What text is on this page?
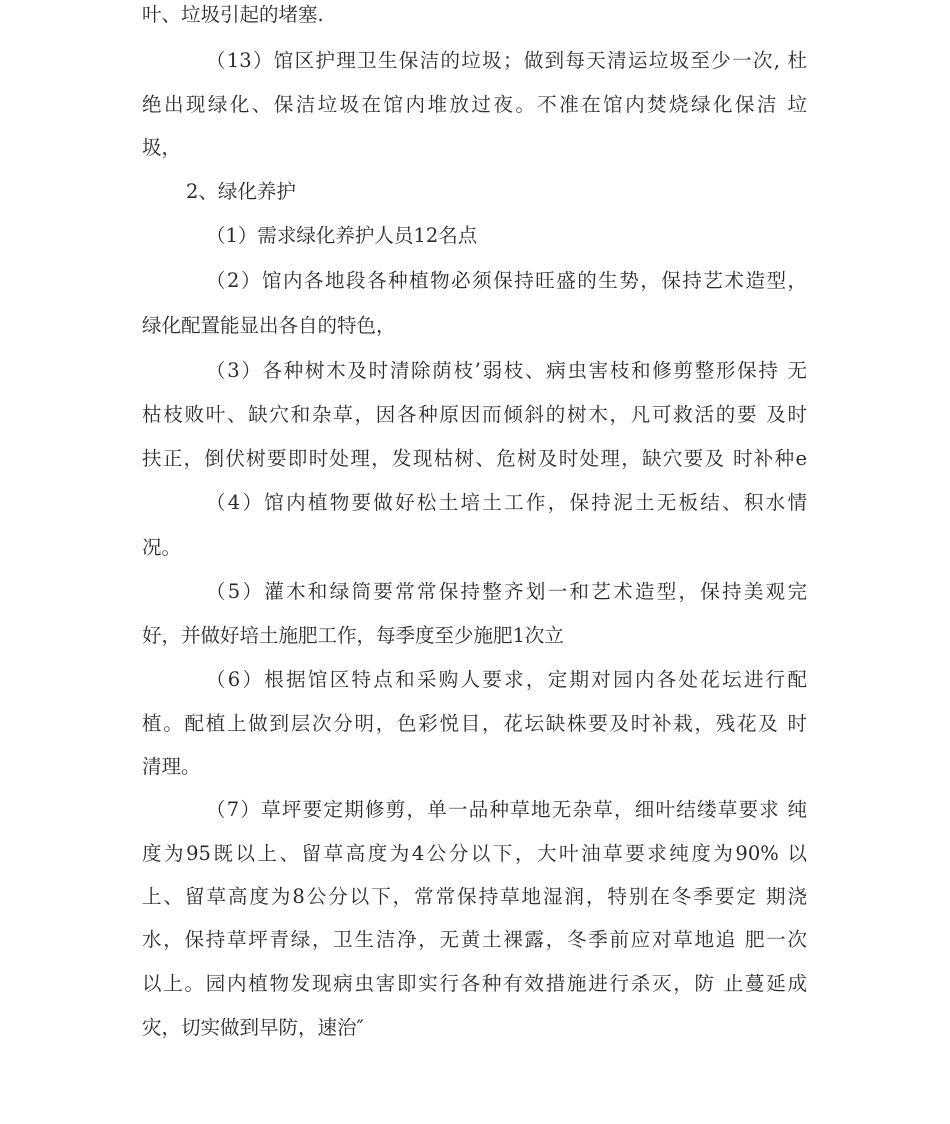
叶、垃圾引起的堵塞.
（13）馆区护理卫生保洁的垃圾；做到每天清运垃圾至少一次, 杜
绝出现绿化、保洁垃圾在馆内堆放过夜。不准在馆内焚烧绿化保洁 垃
圾，
2、绿化养护
（1）需求绿化养护人员12名点
（2）馆内各地段各种植物必须保持旺盛的生势，保持艺术造型，
绿化配置能显出各自的特色，
（3）各种树木及时清除荫枝’弱枝、病虫害枝和修剪整形保持 无
枯枝败叶、缺穴和杂草，因各种原因而倾斜的树木，凡可救活的要 及时
扶正，倒伏树要即时处理，发现枯树、危树及时处理，缺穴要及 时补种e
（4）馆内植物要做好松土培土工作，保持泥土无板结、积水情
况。
（5）灌木和绿筒要常常保持整齐划一和艺术造型，保持美观完
好，并做好培土施肥工作，每季度至少施肥1次立
（6）根据馆区特点和采购人要求，定期对园内各处花坛进行配
植。配植上做到层次分明，色彩悦目，花坛缺株要及时补栽，残花及 时
清理。
（7）草坪要定期修剪，单一品种草地无杂草，细叶结缕草要求 纯
度为95既以上、留草高度为4公分以下，大叶油草要求纯度为90% 以
上、留草高度为8公分以下，常常保持草地湿润，特别在冬季要定 期浇
水，保持草坪青绿，卫生洁净，无黄土裸露，冬季前应对草地追 肥一次
以上。园内植物发现病虫害即实行各种有效措施进行杀灭，防 止蔓延成
灾，切实做到早防，速治″
